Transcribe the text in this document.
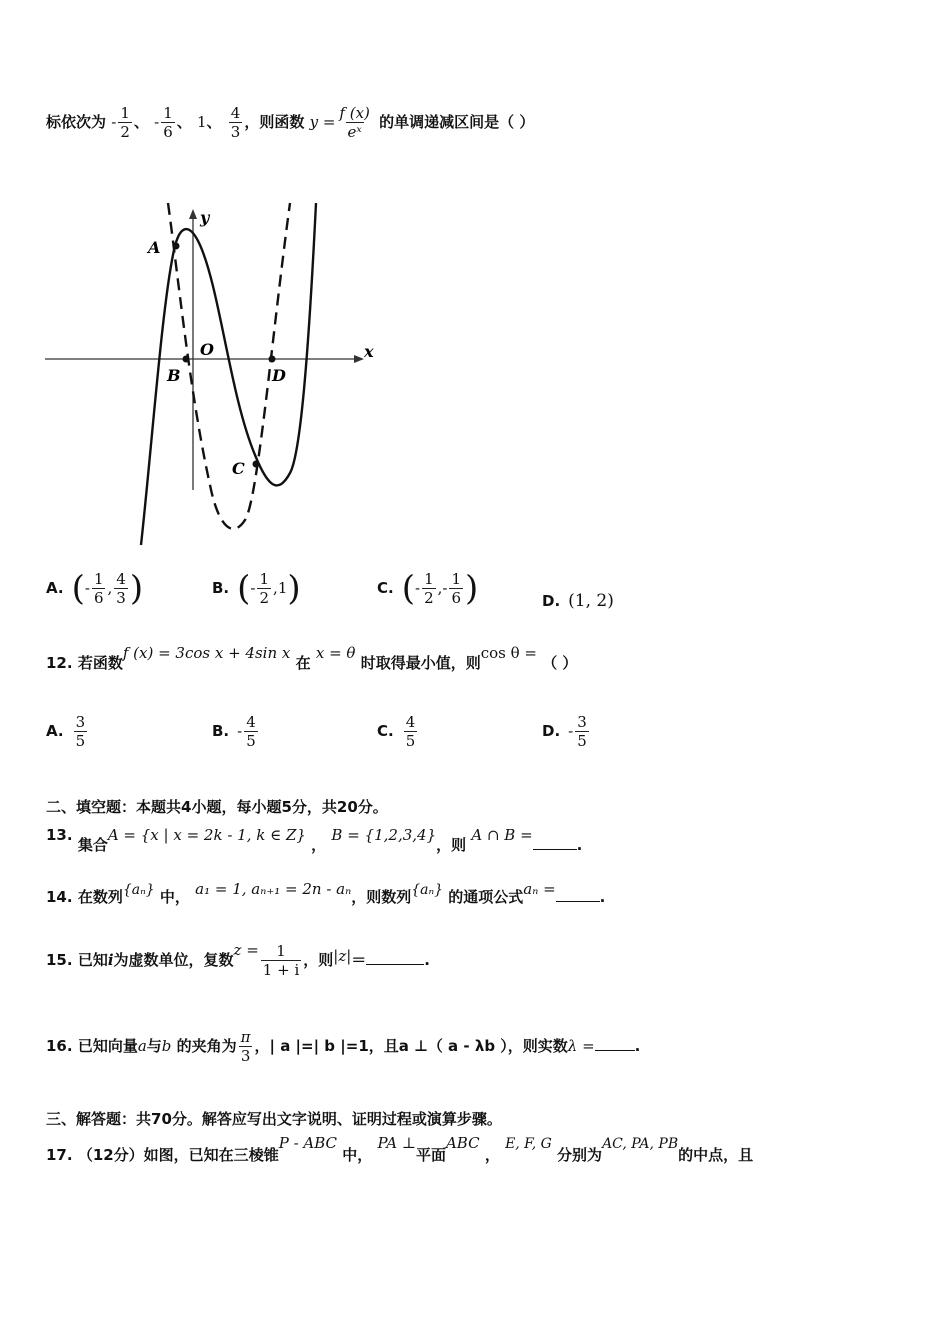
标依次为 - $\frac{1}{2}$ 、 - $\frac{1}{6}$ 、 1、 $\frac{4}{3}$ ，则函数 $y = \frac{f (x)}{\text{eˣ}}$ 的单调递减区间是（ ）
y
x
O
A
B
C
D
A. (- $\frac{1}{6}$ , $\frac{4}{3}$ )	B. (- $\frac{1}{2} ,1$)	C. (- $\frac{1}{2}$ ,- $\frac{1}{6}$ )	D. (1, 2)
12. 若函数f (x) = 3cos x + 4sin x 在 x = θ 时取得最小值，则cos θ = （ ）
A. $\frac{3}{5}$	B. - $\frac{4}{5}$	C. $\frac{4}{5}$	D. - $\frac{3}{5}$
二、填空题：本题共4小题，每小题5分，共20分。
13. 集合A = {x | x = 2k - 1, k ∈ Z} ， B = {1,2,3,4}，则 A ∩ B =.
14. 在数列{aₙ} 中， a₁ = 1, aₙ₊₁ = 2n - aₙ，则数列{aₙ} 的通项公式aₙ =	.
15. 已知i为虚数单位，复数$z = \frac{1}{1 + i}$ ，则|z|＝	.
16. 已知向量a与b 的夹角为 $\frac{\pi}{3}$ ，| a |=| b |=1，且a ⊥（ a - λb ），则实数λ =	.
三、解答题：共70分。解答应写出文字说明、证明过程或演算步骤。
17. （12分）如图，已知在三棱锥P - ABC 中， PA ⊥平面ABC ， E, F, G 分别为AC, PA, PB的中点，且
